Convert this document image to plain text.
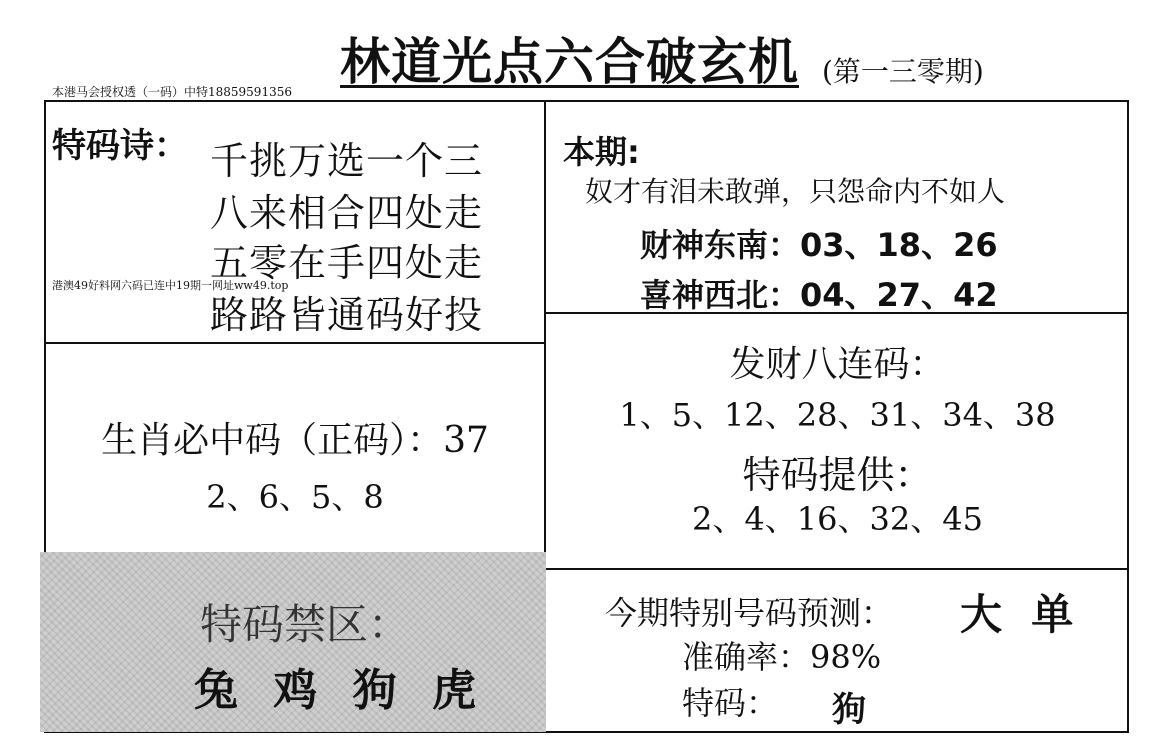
林道光点六合破玄机 (第一三零期)
本港马会授权透（一码）中特18859591356
特码诗： 千挑万选一个三
八来相合四处走
五零在手四处走
路路皆通码好投
港澳49好料网六码已连中19期一网址ww49.top
本期:
奴才有泪未敢弹，只怨命内不如人
财神东南：03、18、26
喜神西北：04、27、42
生肖必中码（正码）：37
2、6、5、8
发财八连码：
1、5、12、28、31、34、38
特码提供：
2、4、16、32、45
特码禁区：
兔 鸡 狗 虎
今期特别号码预测： 大  单
准确率：98%
特码： 狗
